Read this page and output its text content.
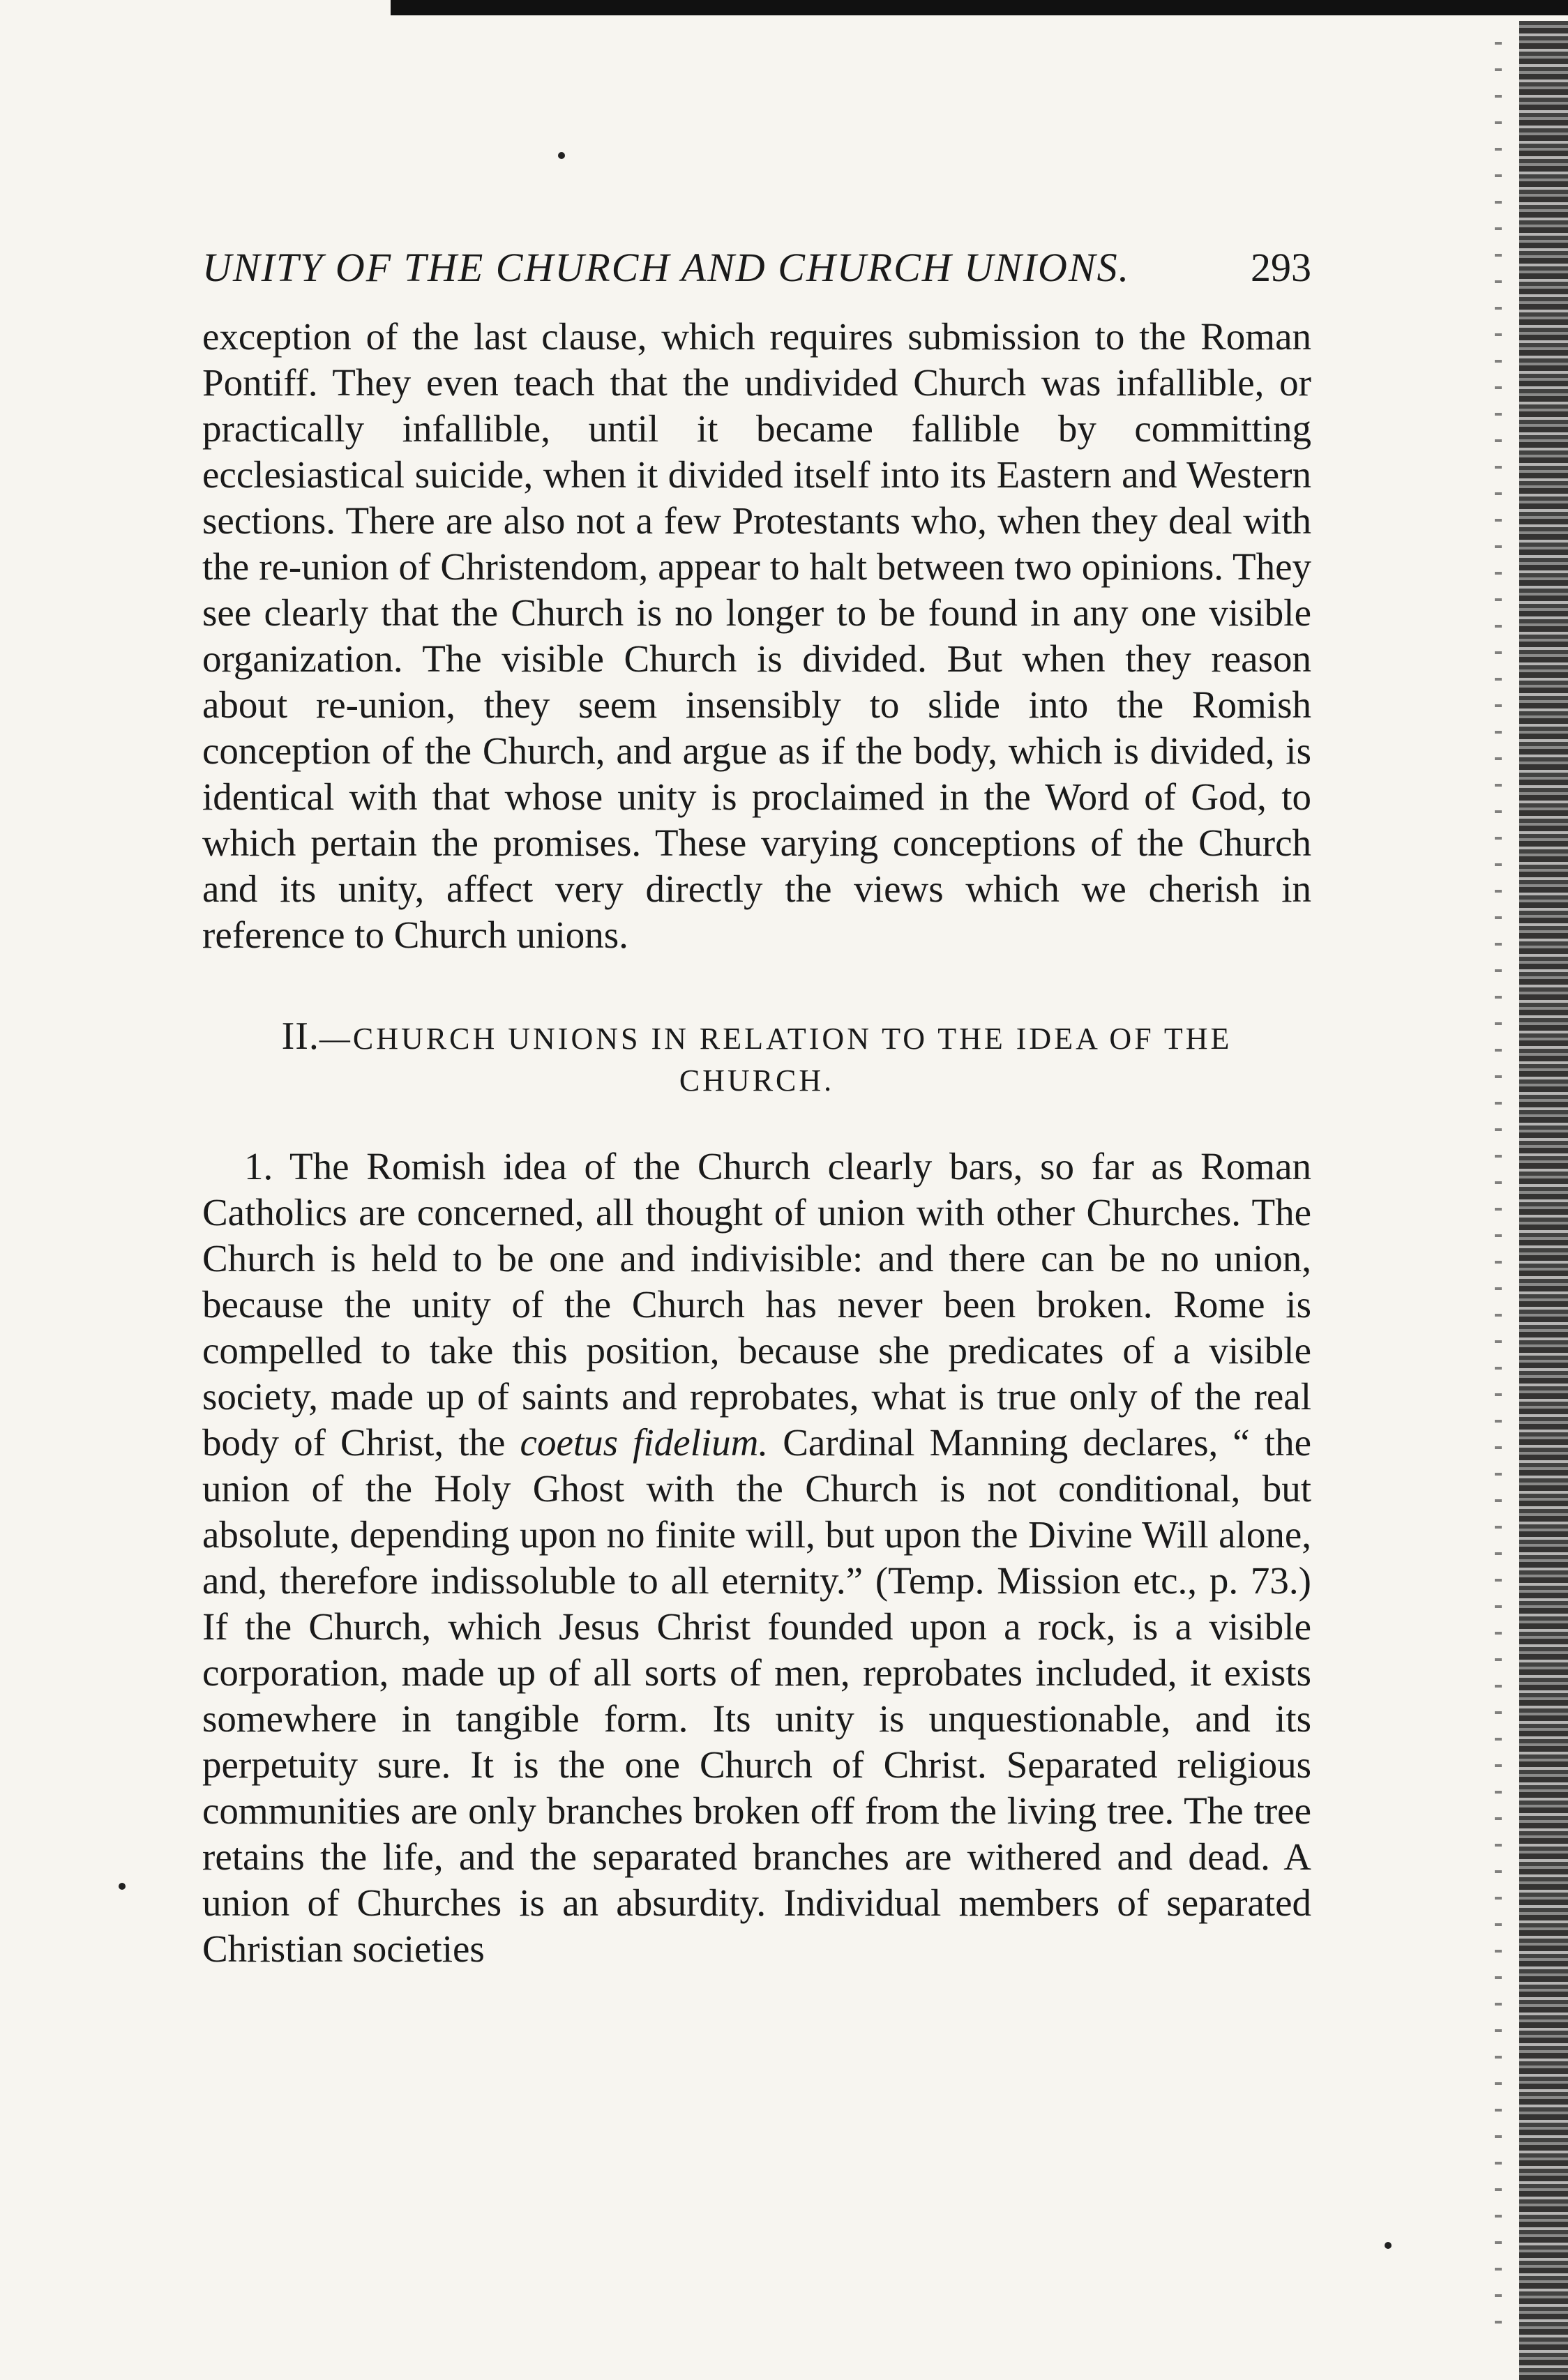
UNITY OF THE CHURCH AND CHURCH UNIONS.	293

exception of the last clause, which requires submission to the Roman Pontiff. They even teach that the undivided Church was infallible, or practically infallible, until it became fallible by committing ecclesiastical suicide, when it divided itself into its Eastern and Western sections. There are also not a few Protestants who, when they deal with the re-union of Christendom, appear to halt between two opinions. They see clearly that the Church is no longer to be found in any one visible organization. The visible Church is divided. But when they reason about re-union, they seem insensibly to slide into the Romish conception of the Church, and argue as if the body, which is divided, is identical with that whose unity is proclaimed in the Word of God, to which pertain the promises. These varying conceptions of the Church and its unity, affect very directly the views which we cherish in reference to Church unions.

II.—CHURCH UNIONS IN RELATION TO THE IDEA OF THE CHURCH.

1. The Romish idea of the Church clearly bars, so far as Roman Catholics are concerned, all thought of union with other Churches. The Church is held to be one and indivisible: and there can be no union, because the unity of the Church has never been broken. Rome is compelled to take this position, because she predicates of a visible society, made up of saints and reprobates, what is true only of the real body of Christ, the coetus fidelium. Cardinal Manning declares, “ the union of the Holy Ghost with the Church is not conditional, but absolute, depending upon no finite will, but upon the Divine Will alone, and, therefore indissoluble to all eternity.” (Temp. Mission etc., p. 73.) If the Church, which Jesus Christ founded upon a rock, is a visible corporation, made up of all sorts of men, reprobates included, it exists somewhere in tangible form. Its unity is unquestionable, and its perpetuity sure. It is the one Church of Christ. Separated religious communities are only branches broken off from the living tree. The tree retains the life, and the separated branches are withered and dead. A union of Churches is an absurdity. Individual members of separated Christian societies
